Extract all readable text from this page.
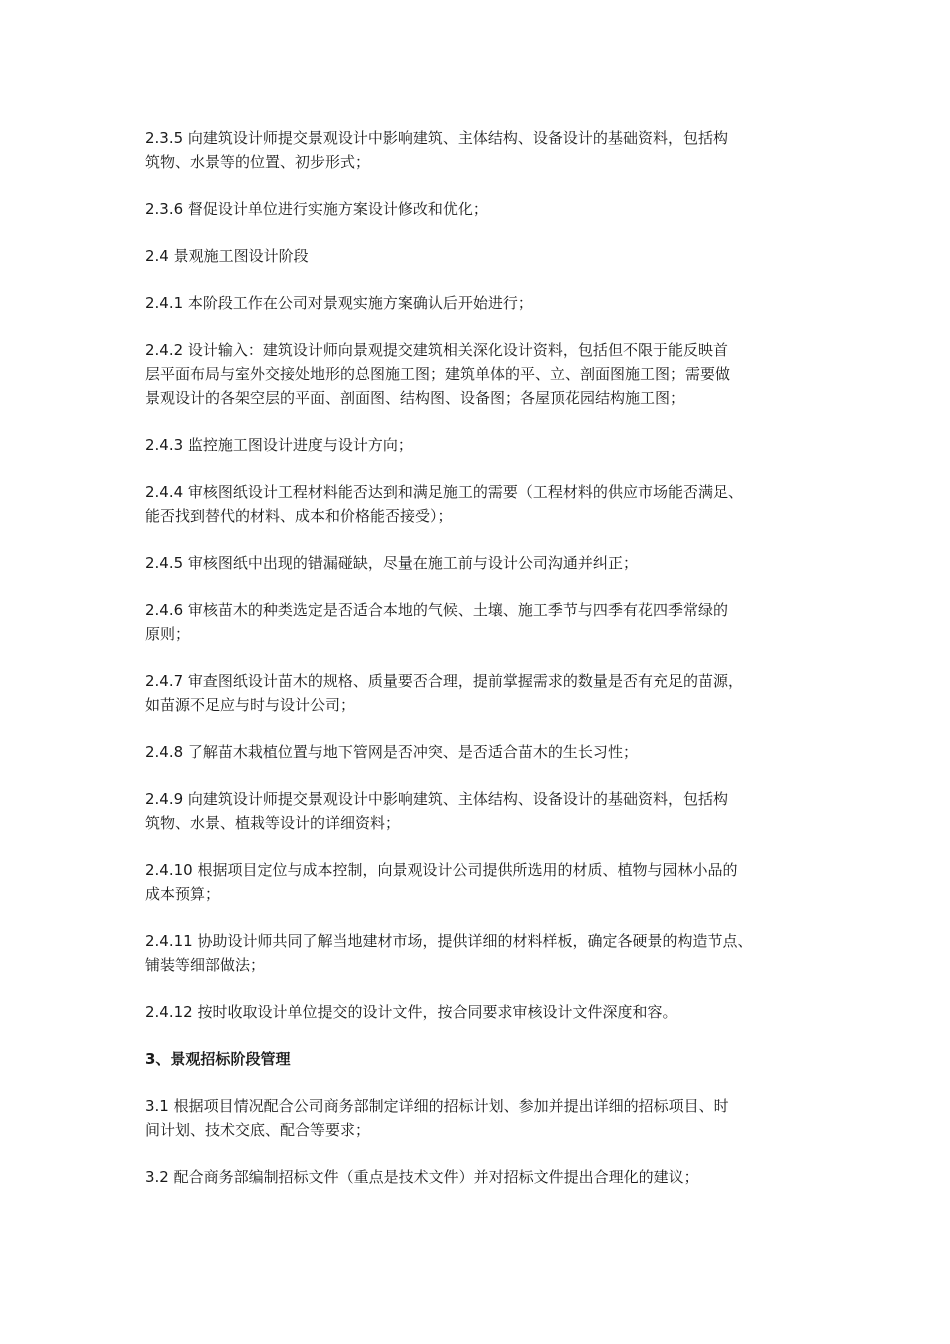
2.3.5 向建筑设计师提交景观设计中影响建筑、主体结构、设备设计的基础资料，包括构
筑物、水景等的位置、初步形式；

2.3.6 督促设计单位进行实施方案设计修改和优化；

2.4 景观施工图设计阶段

2.4.1 本阶段工作在公司对景观实施方案确认后开始进行；

2.4.2 设计输入：建筑设计师向景观提交建筑相关深化设计资料，包括但不限于能反映首
层平面布局与室外交接处地形的总图施工图；建筑单体的平、立、剖面图施工图；需要做
景观设计的各架空层的平面、剖面图、结构图、设备图；各屋顶花园结构施工图；

2.4.3 监控施工图设计进度与设计方向；

2.4.4 审核图纸设计工程材料能否达到和满足施工的需要（工程材料的供应市场能否满足、
能否找到替代的材料、成本和价格能否接受）；

2.4.5 审核图纸中出现的错漏碰缺，尽量在施工前与设计公司沟通并纠正；

2.4.6 审核苗木的种类选定是否适合本地的气候、土壤、施工季节与四季有花四季常绿的
原则；

2.4.7 审查图纸设计苗木的规格、质量要否合理，提前掌握需求的数量是否有充足的苗源，
如苗源不足应与时与设计公司；

2.4.8 了解苗木栽植位置与地下管网是否冲突、是否适合苗木的生长习性；

2.4.9 向建筑设计师提交景观设计中影响建筑、主体结构、设备设计的基础资料，包括构
筑物、水景、植栽等设计的详细资料；

2.4.10 根据项目定位与成本控制，向景观设计公司提供所选用的材质、植物与园林小品的
成本预算；

2.4.11 协助设计师共同了解当地建材市场，提供详细的材料样板，确定各硬景的构造节点、
铺装等细部做法；

2.4.12 按时收取设计单位提交的设计文件，按合同要求审核设计文件深度和容。

3、景观招标阶段管理

3.1 根据项目情况配合公司商务部制定详细的招标计划、参加并提出详细的招标项目、时
间计划、技术交底、配合等要求；

3.2 配合商务部编制招标文件（重点是技术文件）并对招标文件提出合理化的建议；
